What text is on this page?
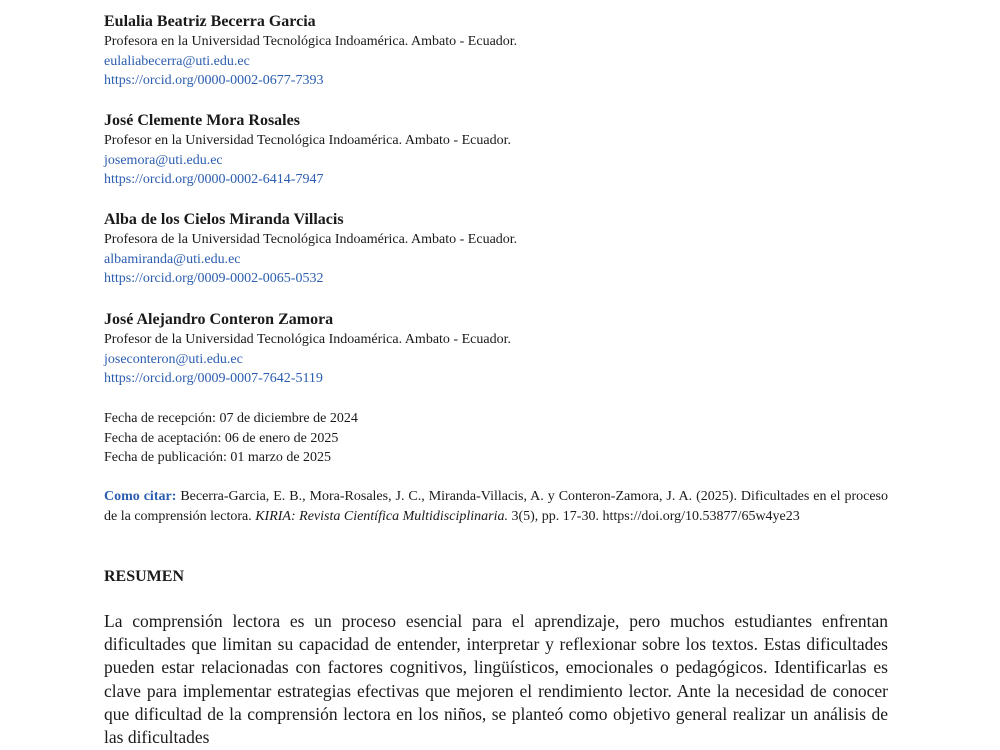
Eulalia Beatriz Becerra Garcia
Profesora en la Universidad Tecnológica Indoamérica. Ambato - Ecuador.
eulaliabecerra@uti.edu.ec
https://orcid.org/0000-0002-0677-7393
José Clemente Mora Rosales
Profesor en la Universidad Tecnológica Indoamérica. Ambato - Ecuador.
josemora@uti.edu.ec
https://orcid.org/0000-0002-6414-7947
Alba de los Cielos Miranda Villacis
Profesora de la Universidad Tecnológica Indoamérica. Ambato - Ecuador.
albamiranda@uti.edu.ec
https://orcid.org/0009-0002-0065-0532
José Alejandro Conteron Zamora
Profesor de la Universidad Tecnológica Indoamérica. Ambato - Ecuador.
joseconteron@uti.edu.ec
https://orcid.org/0009-0007-7642-5119
Fecha de recepción: 07 de diciembre de 2024
Fecha de aceptación: 06 de enero de 2025
Fecha de publicación: 01 marzo de 2025
Como citar: Becerra-Garcia, E. B., Mora-Rosales, J. C., Miranda-Villacis, A. y Conteron-Zamora, J. A. (2025). Dificultades en el proceso de la comprensión lectora. KIRIA: Revista Científica Multidisciplinaria. 3(5), pp. 17-30. https://doi.org/10.53877/65w4ye23
RESUMEN
La comprensión lectora es un proceso esencial para el aprendizaje, pero muchos estudiantes enfrentan dificultades que limitan su capacidad de entender, interpretar y reflexionar sobre los textos. Estas dificultades pueden estar relacionadas con factores cognitivos, lingüísticos, emocionales o pedagógicos. Identificarlas es clave para implementar estrategias efectivas que mejoren el rendimiento lector. Ante la necesidad de conocer que dificultad de la comprensión lectora en los niños, se planteó como objetivo general realizar un análisis de las dificultades
